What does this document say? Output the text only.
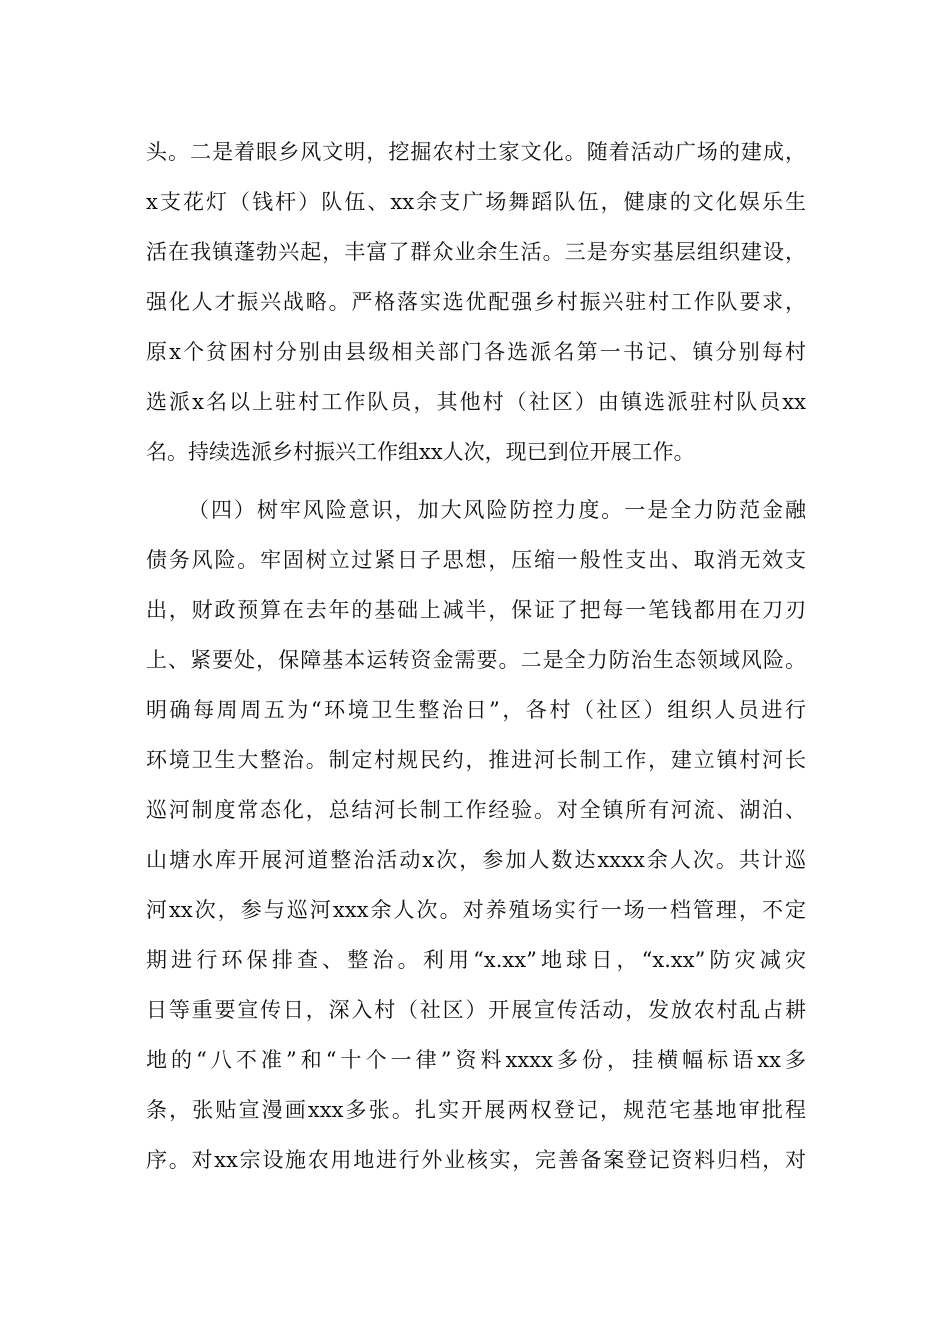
头。二是着眼乡风文明，挖掘农村土家文化。随着活动广场的建成，
x支花灯（钱杆）队伍、xx余支广场舞蹈队伍，健康的文化娱乐生
活在我镇蓬勃兴起，丰富了群众业余生活。三是夯实基层组织建设，
强化人才振兴战略。严格落实选优配强乡村振兴驻村工作队要求，
原x个贫困村分别由县级相关部门各选派名第一书记、镇分别每村
选派x名以上驻村工作队员，其他村（社区）由镇选派驻村队员xx
名。持续选派乡村振兴工作组xx人次，现已到位开展工作。
（四）树牢风险意识，加大风险防控力度。一是全力防范金融
债务风险。牢固树立过紧日子思想，压缩一般性支出、取消无效支
出，财政预算在去年的基础上减半，保证了把每一笔钱都用在刀刃
上、紧要处，保障基本运转资金需要。二是全力防治生态领域风险。
明确每周周五为“环境卫生整治日”，各村（社区）组织人员进行
环境卫生大整治。制定村规民约，推进河长制工作，建立镇村河长
巡河制度常态化，总结河长制工作经验。对全镇所有河流、湖泊、
山塘水库开展河道整治活动x次，参加人数达xxxx余人次。共计巡
河xx次，参与巡河xxx余人次。对养殖场实行一场一档管理，不定
期进行环保排查、整治。利用“x.xx”地球日，“x.xx”防灾减灾
日等重要宣传日，深入村（社区）开展宣传活动，发放农村乱占耕
地的“八不准”和“十个一律”资料xxxx多份，挂横幅标语xx多
条，张贴宣漫画xxx多张。扎实开展两权登记，规范宅基地审批程
序。对xx宗设施农用地进行外业核实，完善备案登记资料归档，对
